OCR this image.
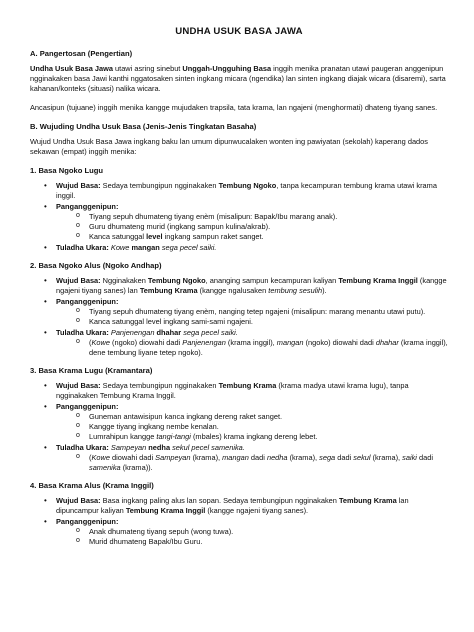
UNDHA USUK BASA JAWA
A. Pangertosan (Pengertian)
Undha Usuk Basa Jawa utawi asring sinebut Unggah-Ungguhing Basa inggih menika pranatan utawi paugeran anggenipun ngginakaken basa Jawi kanthi nggatosaken sinten ingkang micara (ngendika) lan sinten ingkang diajak wicara (disaremi), sarta kahanan/konteks (situasi) nalika wicara.
Ancasipun (tujuane) inggih menika kangge mujudaken trapsila, tata krama, lan ngajeni (menghormati) dhateng tiyang sanes.
B. Wujuding Undha Usuk Basa (Jenis-Jenis Tingkatan Basaha)
Wujud Undha Usuk Basa Jawa ingkang baku lan umum dipunwucalaken wonten ing pawiyatan (sekolah) kaperang dados sekawan (empat) inggih menika:
1. Basa Ngoko Lugu
• Wujud Basa: Sedaya tembungipun ngginakaken Tembung Ngoko, tanpa kecampuran tembung krama utawi krama inggil.
• Panganggenipun:
o Tiyang sepuh dhumateng tiyang enèm (misalipun: Bapak/Ibu marang anak).
o Guru dhumateng murid (ingkang sampun kulina/akrab).
o Kanca satunggal level ingkang sampun raket sanget.
• Tuladha Ukara: Kowe mangan sega pecel saiki.
2. Basa Ngoko Alus (Ngoko Andhap)
• Wujud Basa: Ngginakaken Tembung Ngoko, ananging sampun kecampuran kaliyan Tembung Krama Inggil (kangge ngajeni tiyang sanes) lan Tembung Krama (kangge ngalusaken tembung sesulih).
• Panganggenipun:
o Tiyang sepuh dhumateng tiyang enèm, nanging tetep ngajeni (misalipun: marang menantu utawi putu).
o Kanca satunggal level ingkang sami-sami ngajeni.
• Tuladha Ukara: Panjenengan dhahar sega pecel saiki.
o (Kowe (ngoko) diowahi dadi Panjenengan (krama inggil), mangan (ngoko) diowahi dadi dhahar (krama inggil), dene tembung liyane tetep ngoko).
3. Basa Krama Lugu (Kramantara)
• Wujud Basa: Sedaya tembungipun ngginakaken Tembung Krama (krama madya utawi krama lugu), tanpa ngginakaken Tembung Krama Inggil.
• Panganggenipun:
o Guneman antawisipun kanca ingkang dereng raket sanget.
o Kangge tiyang ingkang nembe kenalan.
o Lumrahipun kangge tangi-tangi (mbales) krama ingkang dereng lebet.
• Tuladha Ukara: Sampeyan nedha sekul pecel samenika.
o (Kowe diowahi dadi Sampeyan (krama), mangan dadi nedha (krama), sega dadi sekul (krama), saiki dadi samenika (krama)).
4. Basa Krama Alus (Krama Inggil)
• Wujud Basa: Basa ingkang paling alus lan sopan. Sedaya tembungipun ngginakaken Tembung Krama lan dipuncampur kaliyan Tembung Krama Inggil (kangge ngajeni tiyang sanes).
• Panganggenipun:
o Anak dhumateng tiyang sepuh (wong tuwa).
o Murid dhumateng Bapak/Ibu Guru.
